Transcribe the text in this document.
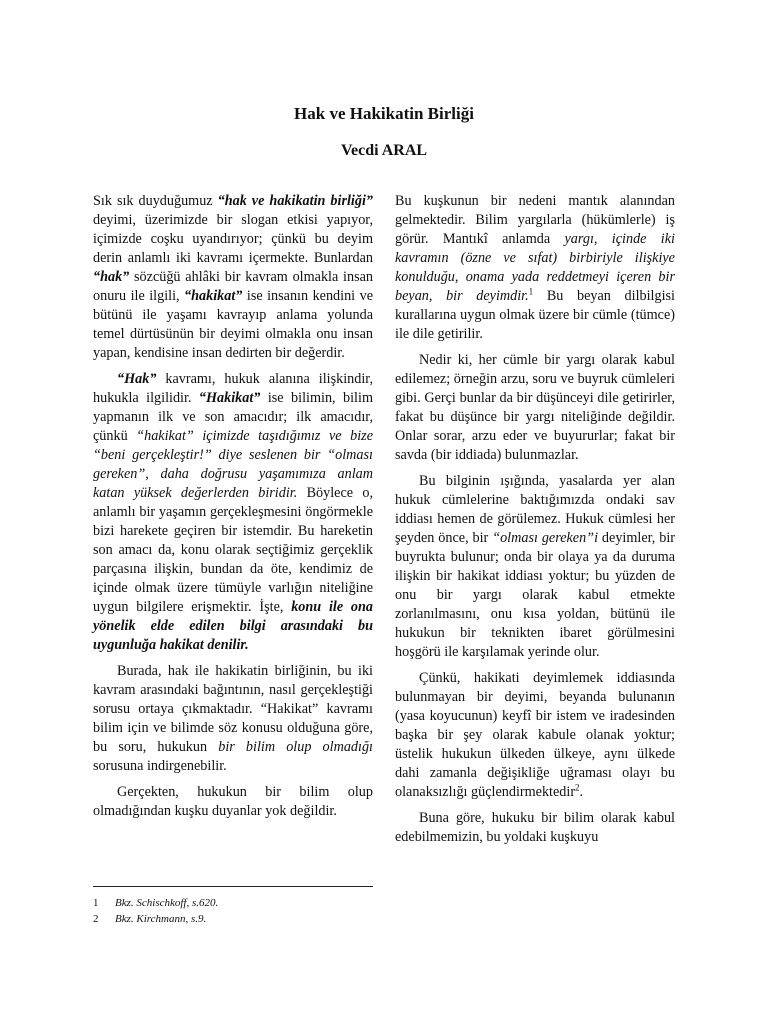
Hak ve Hakikatin Birliği
Vecdi ARAL

Sık sık duyduğumuz “hak ve hakikatin birliği” deyimi, üzerimizde bir slogan etkisi yapıyor, içimizde coşku uyandırıyor; çünkü bu deyim derin anlamlı iki kavramı içermekte. Bunlardan “hak” sözcüğü ahlâki bir kavram olmakla insan onuru ile ilgili, “hakikat” ise insanın kendini ve bütünü ile yaşamı kavrayıp anlama yolunda temel dürtüsünün bir deyimi olmakla onu insan yapan, kendisine insan dedirten bir değerdir.

“Hak” kavramı, hukuk alanına ilişkindir, hukukla ilgilidir. “Hakikat” ise bilimin, bilim yapmanın ilk ve son amacıdır; ilk amacıdır, çünkü “hakikat” içimizde taşıdığımız ve bize “beni gerçekleştir!” diye seslenen bir “olması gereken”, daha doğrusu yaşamımıza anlam katan yüksek değerlerden biridir. Böylece o, anlamlı bir yaşamın gerçekleşmesini öngörmekle bizi harekete geçiren bir istemdir. Bu hareketin son amacı da, konu olarak seçtiğimiz gerçeklik parçasına ilişkin, bundan da öte, kendimiz de içinde olmak üzere tümüyle varlığın niteliğine uygun bilgilere erişmektir. İşte, konu ile ona yönelik elde edilen bilgi arasındaki bu uygunluğa hakikat denilir.

Burada, hak ile hakikatin birliğinin, bu iki kavram arasındaki bağıntının, nasıl gerçekleştiği sorusu ortaya çıkmaktadır. “Hakikat” kavramı bilim için ve bilimde söz konusu olduğuna göre, bu soru, hukukun bir bilim olup olmadığı sorusuna indirgenebilir.

Gerçekten, hukukun bir bilim olup olmadığından kuşku duyanlar yok değildir.

Bu kuşkunun bir nedeni mantık alanından gelmektedir. Bilim yargılarla (hükümlerle) iş görür. Mantıkî anlamda yargı, içinde iki kavramın (özne ve sıfat) birbiriyle ilişkiye konulduğu, onama yada reddetmeyi içeren bir beyan, bir deyimdir.$^1$ Bu beyan dilbilgisi kurallarına uygun olmak üzere bir cümle (tümce) ile dile getirilir.

Nedir ki, her cümle bir yargı olarak kabul edilemez; örneğin arzu, soru ve buyruk cümleleri gibi. Gerçi bunlar da bir düşünceyi dile getirirler, fakat bu düşünce bir yargı niteliğinde değildir. Onlar sorar, arzu eder ve buyururlar; fakat bir savda (bir iddiada) bulunmazlar.

Bu bilginin ışığında, yasalarda yer alan hukuk cümlelerine baktığımızda ondaki sav iddiası hemen de görülemez. Hukuk cümlesi her şeyden önce, bir “olması gereken”i deyimler, bir buyrukta bulunur; onda bir olaya ya da duruma ilişkin bir hakikat iddiası yoktur; bu yüzden de onu bir yargı olarak kabul etmekte zorlanılmasını, onu kısa yoldan, bütünü ile hukukun bir teknikten ibaret görülmesini hoşgörü ile karşılamak yerinde olur.

Çünkü, hakikati deyimlemek iddiasında bulunmayan bir deyimi, beyanda bulunanın (yasa koyucunun) keyfî bir istem ve iradesinden başka bir şey olarak kabule olanak yoktur; üstelik hukukun ülkeden ülkeye, aynı ülkede dahi zamanla değişikliğe uğraması olayı bu olanaksızlığı güçlendirmektedir$^2$.

Buna göre, hukuku bir bilim olarak kabul edebilmemizin, bu yoldaki kuşkuyu

1	Bkz. Schischkoff, s.620.
2	Bkz. Kirchmann, s.9.
